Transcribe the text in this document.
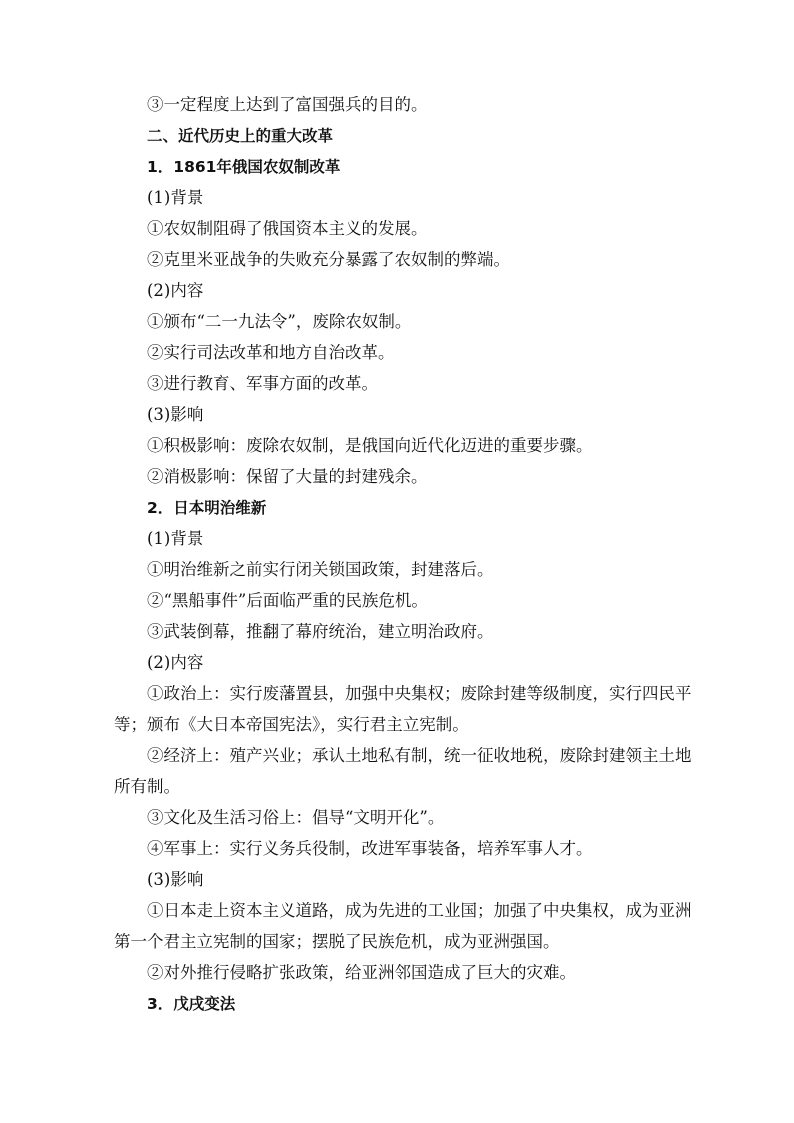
③一定程度上达到了富国强兵的目的。
二、近代历史上的重大改革
1．1861年俄国农奴制改革
(1)背景
①农奴制阻碍了俄国资本主义的发展。
②克里米亚战争的失败充分暴露了农奴制的弊端。
(2)内容
①颁布“二一九法令”，废除农奴制。
②实行司法改革和地方自治改革。
③进行教育、军事方面的改革。
(3)影响
①积极影响：废除农奴制，是俄国向近代化迈进的重要步骤。
②消极影响：保留了大量的封建残余。
2．日本明治维新
(1)背景
①明治维新之前实行闭关锁国政策，封建落后。
②“黑船事件”后面临严重的民族危机。
③武装倒幕，推翻了幕府统治，建立明治政府。
(2)内容
①政治上：实行废藩置县，加强中央集权；废除封建等级制度，实行四民平
等；颁布《大日本帝国宪法》，实行君主立宪制。
②经济上：殖产兴业；承认土地私有制，统一征收地税，废除封建领主土地
所有制。
③文化及生活习俗上：倡导“文明开化”。
④军事上：实行义务兵役制，改进军事装备，培养军事人才。
(3)影响
①日本走上资本主义道路，成为先进的工业国；加强了中央集权，成为亚洲
第一个君主立宪制的国家；摆脱了民族危机，成为亚洲强国。
②对外推行侵略扩张政策，给亚洲邻国造成了巨大的灾难。
3．戊戌变法
